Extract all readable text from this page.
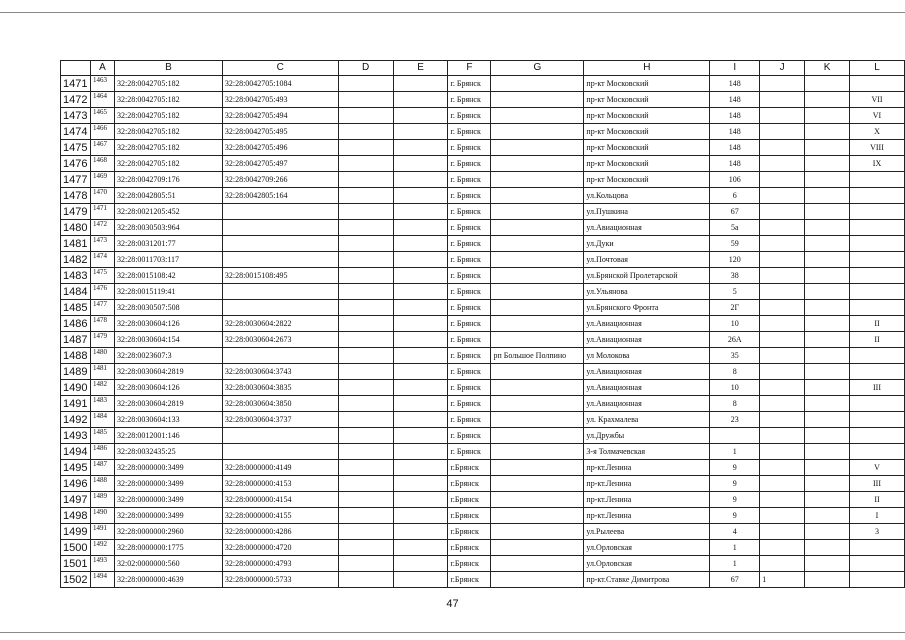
	A	B	C	D	E	F	G	H	I	J	K	L
1471	1463	32:28:0042705:182	32:28:0042705:1084			г. Брянск		пр-кт Московский	148			
1472	1464	32:28:0042705:182	32:28:0042705:493			г. Брянск		пр-кт Московский	148			VII
1473	1465	32:28:0042705:182	32:28:0042705:494			г. Брянск		пр-кт Московский	148			VI
1474	1466	32:28:0042705:182	32:28:0042705:495			г. Брянск		пр-кт Московский	148			X
1475	1467	32:28:0042705:182	32:28:0042705:496			г. Брянск		пр-кт Московский	148			VIII
1476	1468	32:28:0042705:182	32:28:0042705:497			г. Брянск		пр-кт Московский	148			IX
1477	1469	32:28:0042709:176	32:28:0042709:266			г. Брянск		пр-кт Московский	106			
1478	1470	32:28:0042805:51	32:28:0042805:164			г. Брянск		ул.Кольцова	6			
1479	1471	32:28:0021205:452				г. Брянск		ул.Пушкина	67			
1480	1472	32:28:0030503:964				г. Брянск		ул.Авиационная	5а			
1481	1473	32:28:0031201:77				г. Брянск		ул.Дуки	59			
1482	1474	32:28:0011703:117				г. Брянск		ул.Почтовая	120			
1483	1475	32:28:0015108:42	32:28:0015108:495			г. Брянск		ул.Брянской Пролетарской	38			
1484	1476	32:28:0015119:41				г. Брянск		ул.Ульянова	5			
1485	1477	32:28:0030507:508				г. Брянск		ул.Брянского Фронта	2Г			
1486	1478	32:28:0030604:126	32:28:0030604:2822			г. Брянск		ул.Авиационная	10			II
1487	1479	32:28:0030604:154	32:28:0030604:2673			г. Брянск		ул.Авиационная	26А			II
1488	1480	32:28:0023607:3				г. Брянск	рп Большое Полпино	ул Молокова	35			
1489	1481	32:28:0030604:2819	32:28:0030604:3743			г. Брянск		ул.Авиационная	8			
1490	1482	32:28:0030604:126	32:28:0030604:3835			г. Брянск		ул.Авиационная	10			III
1491	1483	32:28:0030604:2819	32:28:0030604:3850			г. Брянск		ул.Авиационная	8			
1492	1484	32:28:0030604:133	32:28:0030604:3737			г. Брянск		ул. Крахмалева	23			
1493	1485	32:28:0012001:146				г. Брянск		ул.Дружбы				
1494	1486	32:28:0032435:25				г. Брянск		3-я Толмачевская	1			
1495	1487	32:28:0000000:3499	32:28:0000000:4149			г.Брянск		пр-кт.Ленина	9			V
1496	1488	32:28:0000000:3499	32:28:0000000:4153			г.Брянск		пр-кт.Ленина	9			III
1497	1489	32:28:0000000:3499	32:28:0000000:4154			г.Брянск		пр-кт.Ленина	9			II
1498	1490	32:28:0000000:3499	32:28:0000000:4155			г.Брянск		пр-кт.Ленина	9			I
1499	1491	32:28:0000000:2960	32:28:0000000:4286			г.Брянск		ул.Рылеева	4			3
1500	1492	32:28:0000000:1775	32:28:0000000:4720			г.Брянск		ул.Орловская	1			
1501	1493	32:02:0000000:560	32:28:0000000:4793			г.Брянск		ул.Орловская	1			
1502	1494	32:28:0000000:4639	32:28:0000000:5733			г.Брянск		пр-кт.Ставке Димитрова	67	1		
47
